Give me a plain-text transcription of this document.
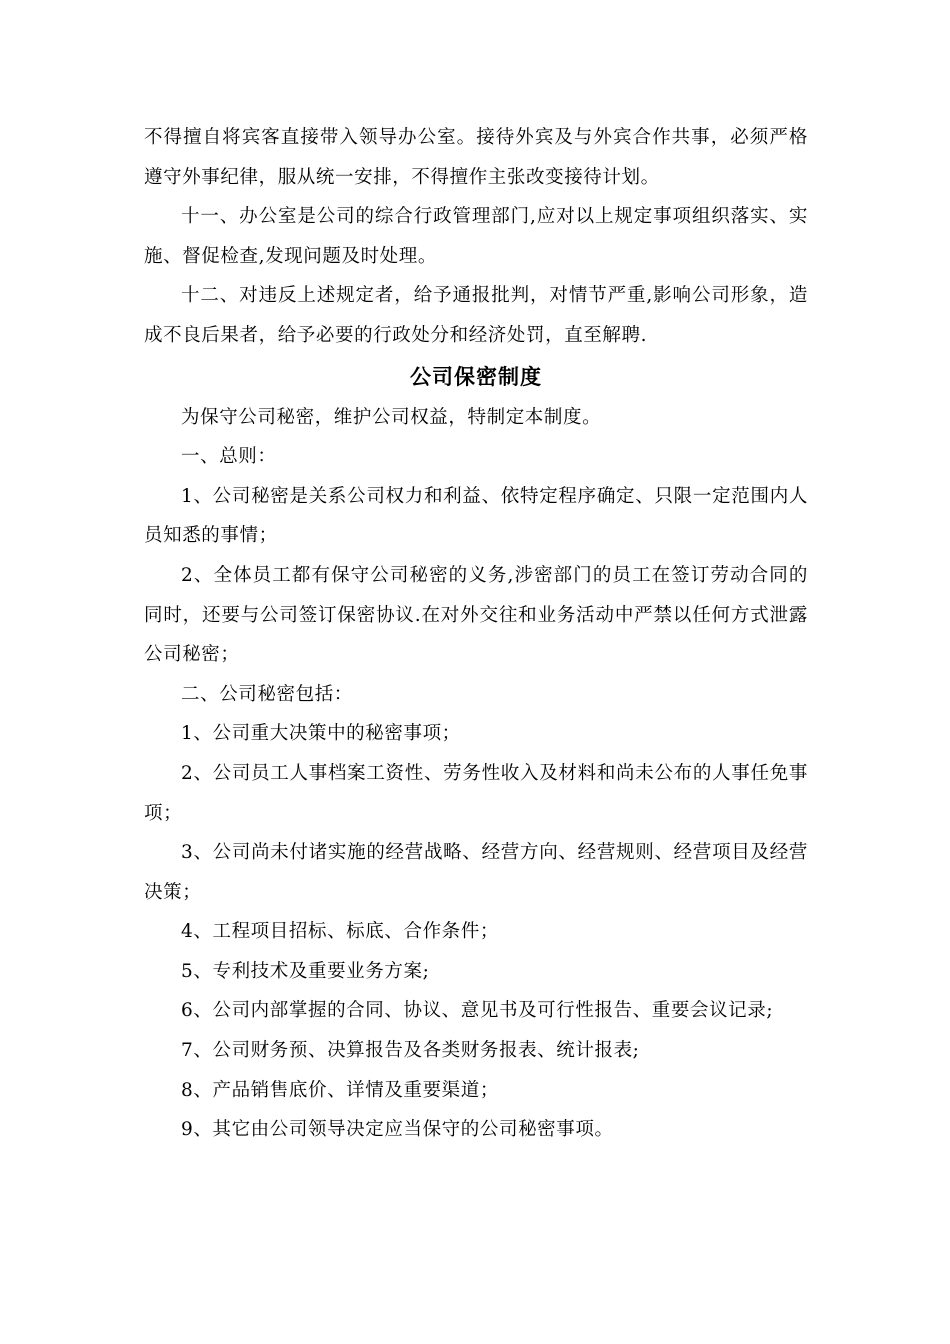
不得擅自将宾客直接带入领导办公室。接待外宾及与外宾合作共事，必须严格遵守外事纪律，服从统一安排，不得擅作主张改变接待计划。

十一、办公室是公司的综合行政管理部门,应对以上规定事项组织落实、实施、督促检查,发现问题及时处理。

十二、对违反上述规定者，给予通报批判，对情节严重,影响公司形象，造成不良后果者，给予必要的行政处分和经济处罚，直至解聘.

公司保密制度

为保守公司秘密，维护公司权益，特制定本制度。

一、总则：

1、公司秘密是关系公司权力和利益、依特定程序确定、只限一定范围内人员知悉的事情；

2、全体员工都有保守公司秘密的义务,涉密部门的员工在签订劳动合同的同时，还要与公司签订保密协议.在对外交往和业务活动中严禁以任何方式泄露公司秘密；

二、公司秘密包括：

1、公司重大决策中的秘密事项；

2、公司员工人事档案工资性、劳务性收入及材料和尚未公布的人事任免事项；

3、公司尚未付诸实施的经营战略、经营方向、经营规则、经营项目及经营决策；

4、工程项目招标、标底、合作条件；

5、专利技术及重要业务方案;

6、公司内部掌握的合同、协议、意见书及可行性报告、重要会议记录;

7、公司财务预、决算报告及各类财务报表、统计报表;

8、产品销售底价、详情及重要渠道；

9、其它由公司领导决定应当保守的公司秘密事项。
